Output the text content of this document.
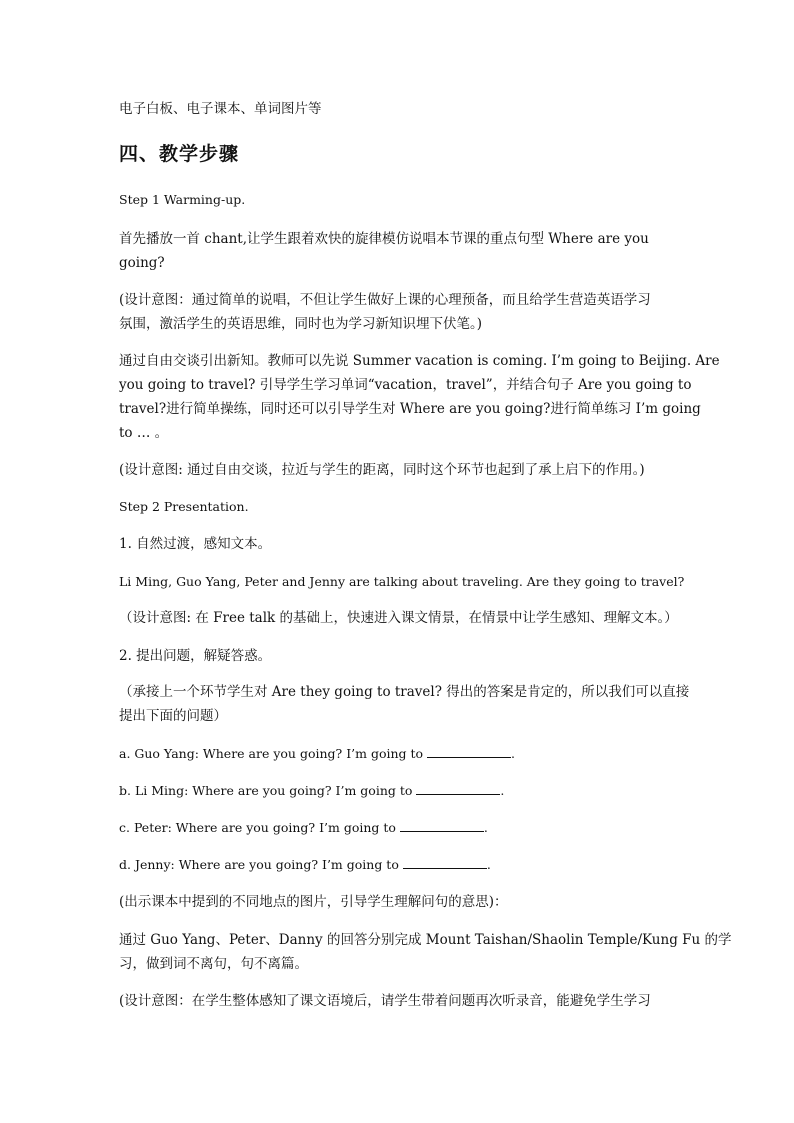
电子白板、电子课本、单词图片等
四、教学步骤
Step 1 Warming-up.
首先播放一首 chant,让学生跟着欢快的旋律模仿说唱本节课的重点句型 Where are you
going?
(设计意图：通过简单的说唱，不但让学生做好上课的心理预备，而且给学生营造英语学习
氛围，激活学生的英语思维，同时也为学习新知识埋下伏笔。)
通过自由交谈引出新知。教师可以先说 Summer vacation is coming. I’m going to Beijing. Are
you going to travel? 引导学生学习单词“vacation，travel”，并结合句子 Are you going to
travel?进行简单操练，同时还可以引导学生对 Where are you going?进行简单练习 I’m going
to … 。
(设计意图: 通过自由交谈，拉近与学生的距离，同时这个环节也起到了承上启下的作用。)
Step 2 Presentation.
1. 自然过渡，感知文本。
Li Ming, Guo Yang, Peter and Jenny are talking about traveling. Are they going to travel?
（设计意图: 在 Free talk 的基础上，快速进入课文情景，在情景中让学生感知、理解文本。）
2. 提出问题，解疑答惑。
（承接上一个环节学生对 Are they going to travel? 得出的答案是肯定的，所以我们可以直接
提出下面的问题）
a. Guo Yang: Where are you going? I’m going to	.
b. Li Ming: Where are you going? I’m going to	.
c. Peter: Where are you going? I’m going to	.
d. Jenny: Where are you going? I’m going to	.
(出示课本中提到的不同地点的图片，引导学生理解问句的意思)：
通过 Guo Yang、Peter、Danny 的回答分别完成 Mount Taishan/Shaolin Temple/Kung Fu 的学
习，做到词不离句，句不离篇。
(设计意图：在学生整体感知了课文语境后，请学生带着问题再次听录音，能避免学生学习
